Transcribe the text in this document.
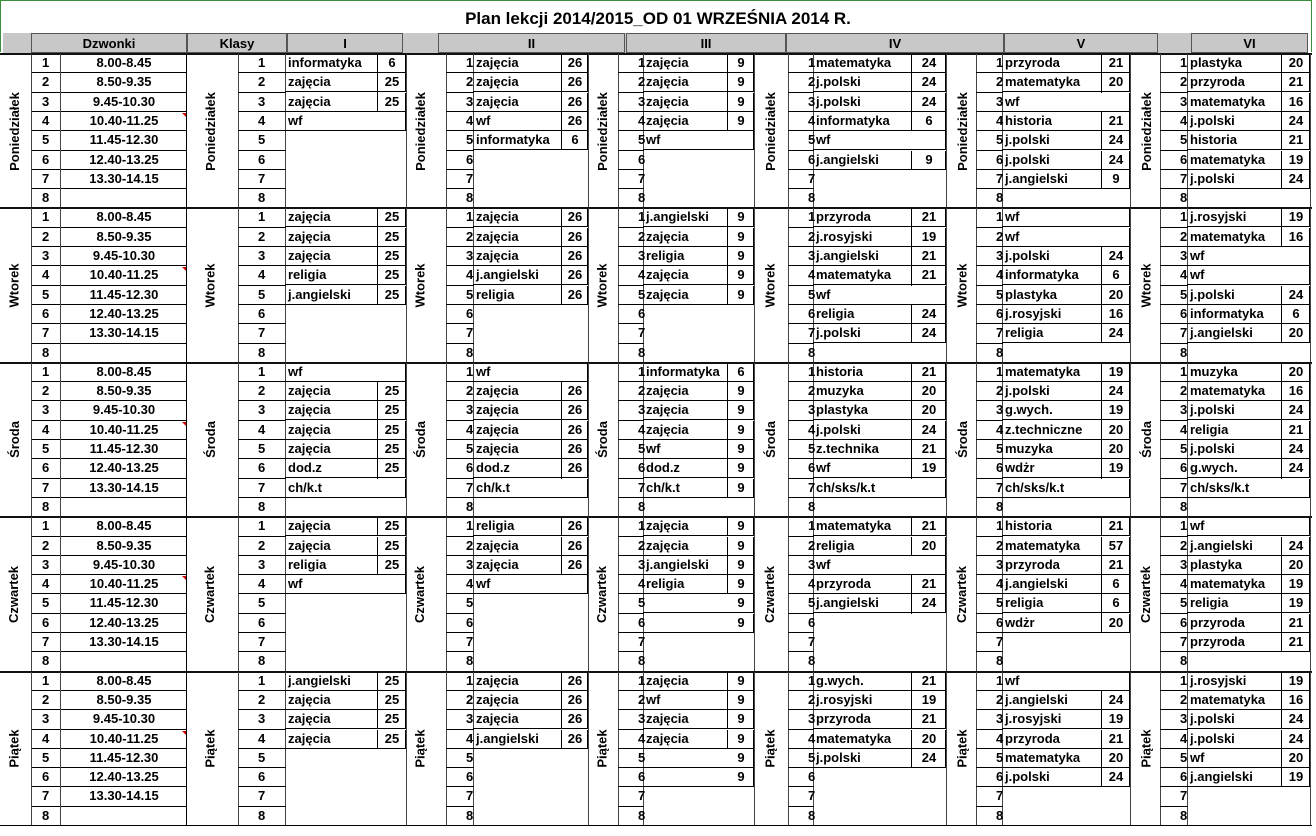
Plan lekcji 2014/2015_OD 01 WRZEŚNIA 2014 R.
Dzwonki	Klasy	I	II	III	IV	V	VI
Poniedziałek
1	8.00-8.45
2	8.50-9.35
3	9.45-10.30
4	10.40-11.25
5	11.45-12.30
6	12.40-13.25
7	13.30-14.15
8
Poniedziałek
1	informatyka	6
2	zajęcia	25
3	zajęcia	25
4	wf
5
6
7
8
Poniedziałek
1 zajęcia	26
2 zajęcia	26
3 zajęcia	26
4 wf	26
5 informatyka	6
6
7
8
Poniedziałek
1 zajęcia	9
2 zajęcia	9
3 zajęcia	9
4 zajęcia	9
5 wf
6
7
8
Poniedziałek
1 matematyka	24
2 j.polski	24
3 j.polski	24
4 informatyka	6
5 wf
6 j.angielski	9
7
8
Poniedziałek
1 przyroda	21
2 matematyka	20
3 wf
4 historia	21
5 j.polski	24
6 j.polski	24
7 j.angielski	9
8
Poniedziałek
1 plastyka	20
2 przyroda	21
3 matematyka	16
4 j.polski	24
5 historia	21
6 matematyka	19
7 j.polski	24
8
Wtorek
1	8.00-8.45
2	8.50-9.35
3	9.45-10.30
4	10.40-11.25
5	11.45-12.30
6	12.40-13.25
7	13.30-14.15
8
Wtorek
1	zajęcia	25
2	zajęcia	25
3	zajęcia	25
4	religia	25
5	j.angielski	25
6
7
8
Wtorek
1 zajęcia	26
2 zajęcia	26
3 zajęcia	26
4 j.angielski	26
5 religia	26
6
7
8
Wtorek
1 j.angielski	9
2 zajęcia	9
3 religia	9
4 zajęcia	9
5 zajęcia	9
6
7
8
Wtorek
1 przyroda	21
2 j.rosyjski	19
3 j.angielski	21
4 matematyka	21
5 wf
6 religia	24
7 j.polski	24
8
Wtorek
1 wf
2 wf
3 j.polski	24
4 informatyka	6
5 plastyka	20
6 j.rosyjski	16
7 religia	24
8
Wtorek
1 j.rosyjski	19
2 matematyka	16
3 wf
4 wf
5 j.polski	24
6 informatyka	6
7 j.angielski	20
8
Środa
1	8.00-8.45
2	8.50-9.35
3	9.45-10.30
4	10.40-11.25
5	11.45-12.30
6	12.40-13.25
7	13.30-14.15
8
Środa
1	wf
2	zajęcia	25
3	zajęcia	25
4	zajęcia	25
5	zajęcia	25
6	dod.z	25
7	ch/k.t
8
Środa
1 wf
2 zajęcia	26
3 zajęcia	26
4 zajęcia	26
5 zajęcia	26
6 dod.z	26
7 ch/k.t
8
Środa
1 informatyka	6
2 zajęcia	9
3 zajęcia	9
4 zajęcia	9
5 wf	9
6 dod.z	9
7 ch/k.t	9
8
Środa
1 historia	21
2 muzyka	20
3 plastyka	20
4 j.polski	24
5 z.technika	21
6 wf	19
7 ch/sks/k.t
8
Środa
1 matematyka	19
2 j.polski	24
3 g.wych.	19
4 z.techniczne	20
5 muzyka	20
6 wdżr	19
7 ch/sks/k.t
8
Środa
1 muzyka	20
2 matematyka	16
3 j.polski	24
4 religia	21
5 j.polski	24
6 g.wych.	24
7 ch/sks/k.t
8
Czwartek
1	8.00-8.45
2	8.50-9.35
3	9.45-10.30
4	10.40-11.25
5	11.45-12.30
6	12.40-13.25
7	13.30-14.15
8
Czwartek
1	zajęcia	25
2	zajęcia	25
3	religia	25
4	wf
5
6
7
8
Czwartek
1 religia	26
2 zajęcia	26
3 zajęcia	26
4 wf
5
6
7
8
Czwartek
1 zajęcia	9
2 zajęcia	9
3 j.angielski	9
4 religia	9
5	9
6	9
7
8
Czwartek
1 matematyka	21
2 religia	20
3 wf
4 przyroda	21
5 j.angielski	24
6
7
8
Czwartek
1 historia	21
2 matematyka	57
3 przyroda	21
4 j.angielski	6
5 religia	6
6 wdżr	20
7
8
Czwartek
1 wf
2 j.angielski	24
3 plastyka	20
4 matematyka	19
5 religia	19
6 przyroda	21
7 przyroda	21
8
Piątek
1	8.00-8.45
2	8.50-9.35
3	9.45-10.30
4	10.40-11.25
5	11.45-12.30
6	12.40-13.25
7	13.30-14.15
8
Piątek
1	j.angielski	25
2	zajęcia	25
3	zajęcia	25
4	zajęcia	25
5
6
7
8
Piątek
1 zajęcia	26
2 zajęcia	26
3 zajęcia	26
4 j.angielski	26
5
6
7
8
Piątek
1 zajęcia	9
2 wf	9
3 zajęcia	9
4 zajęcia	9
5	9
6	9
7
8
Piątek
1 g.wych.	21
2 j.rosyjski	19
3 przyroda	21
4 matematyka	20
5 j.polski	24
6
7
8
Piątek
1 wf
2 j.angielski	24
3 j.rosyjski	19
4 przyroda	21
5 matematyka	20
6 j.polski	24
7
8
Piątek
1 j.rosyjski	19
2 matematyka	16
3 j.polski	24
4 j.polski	24
5 wf	20
6 j.angielski	19
7
8
